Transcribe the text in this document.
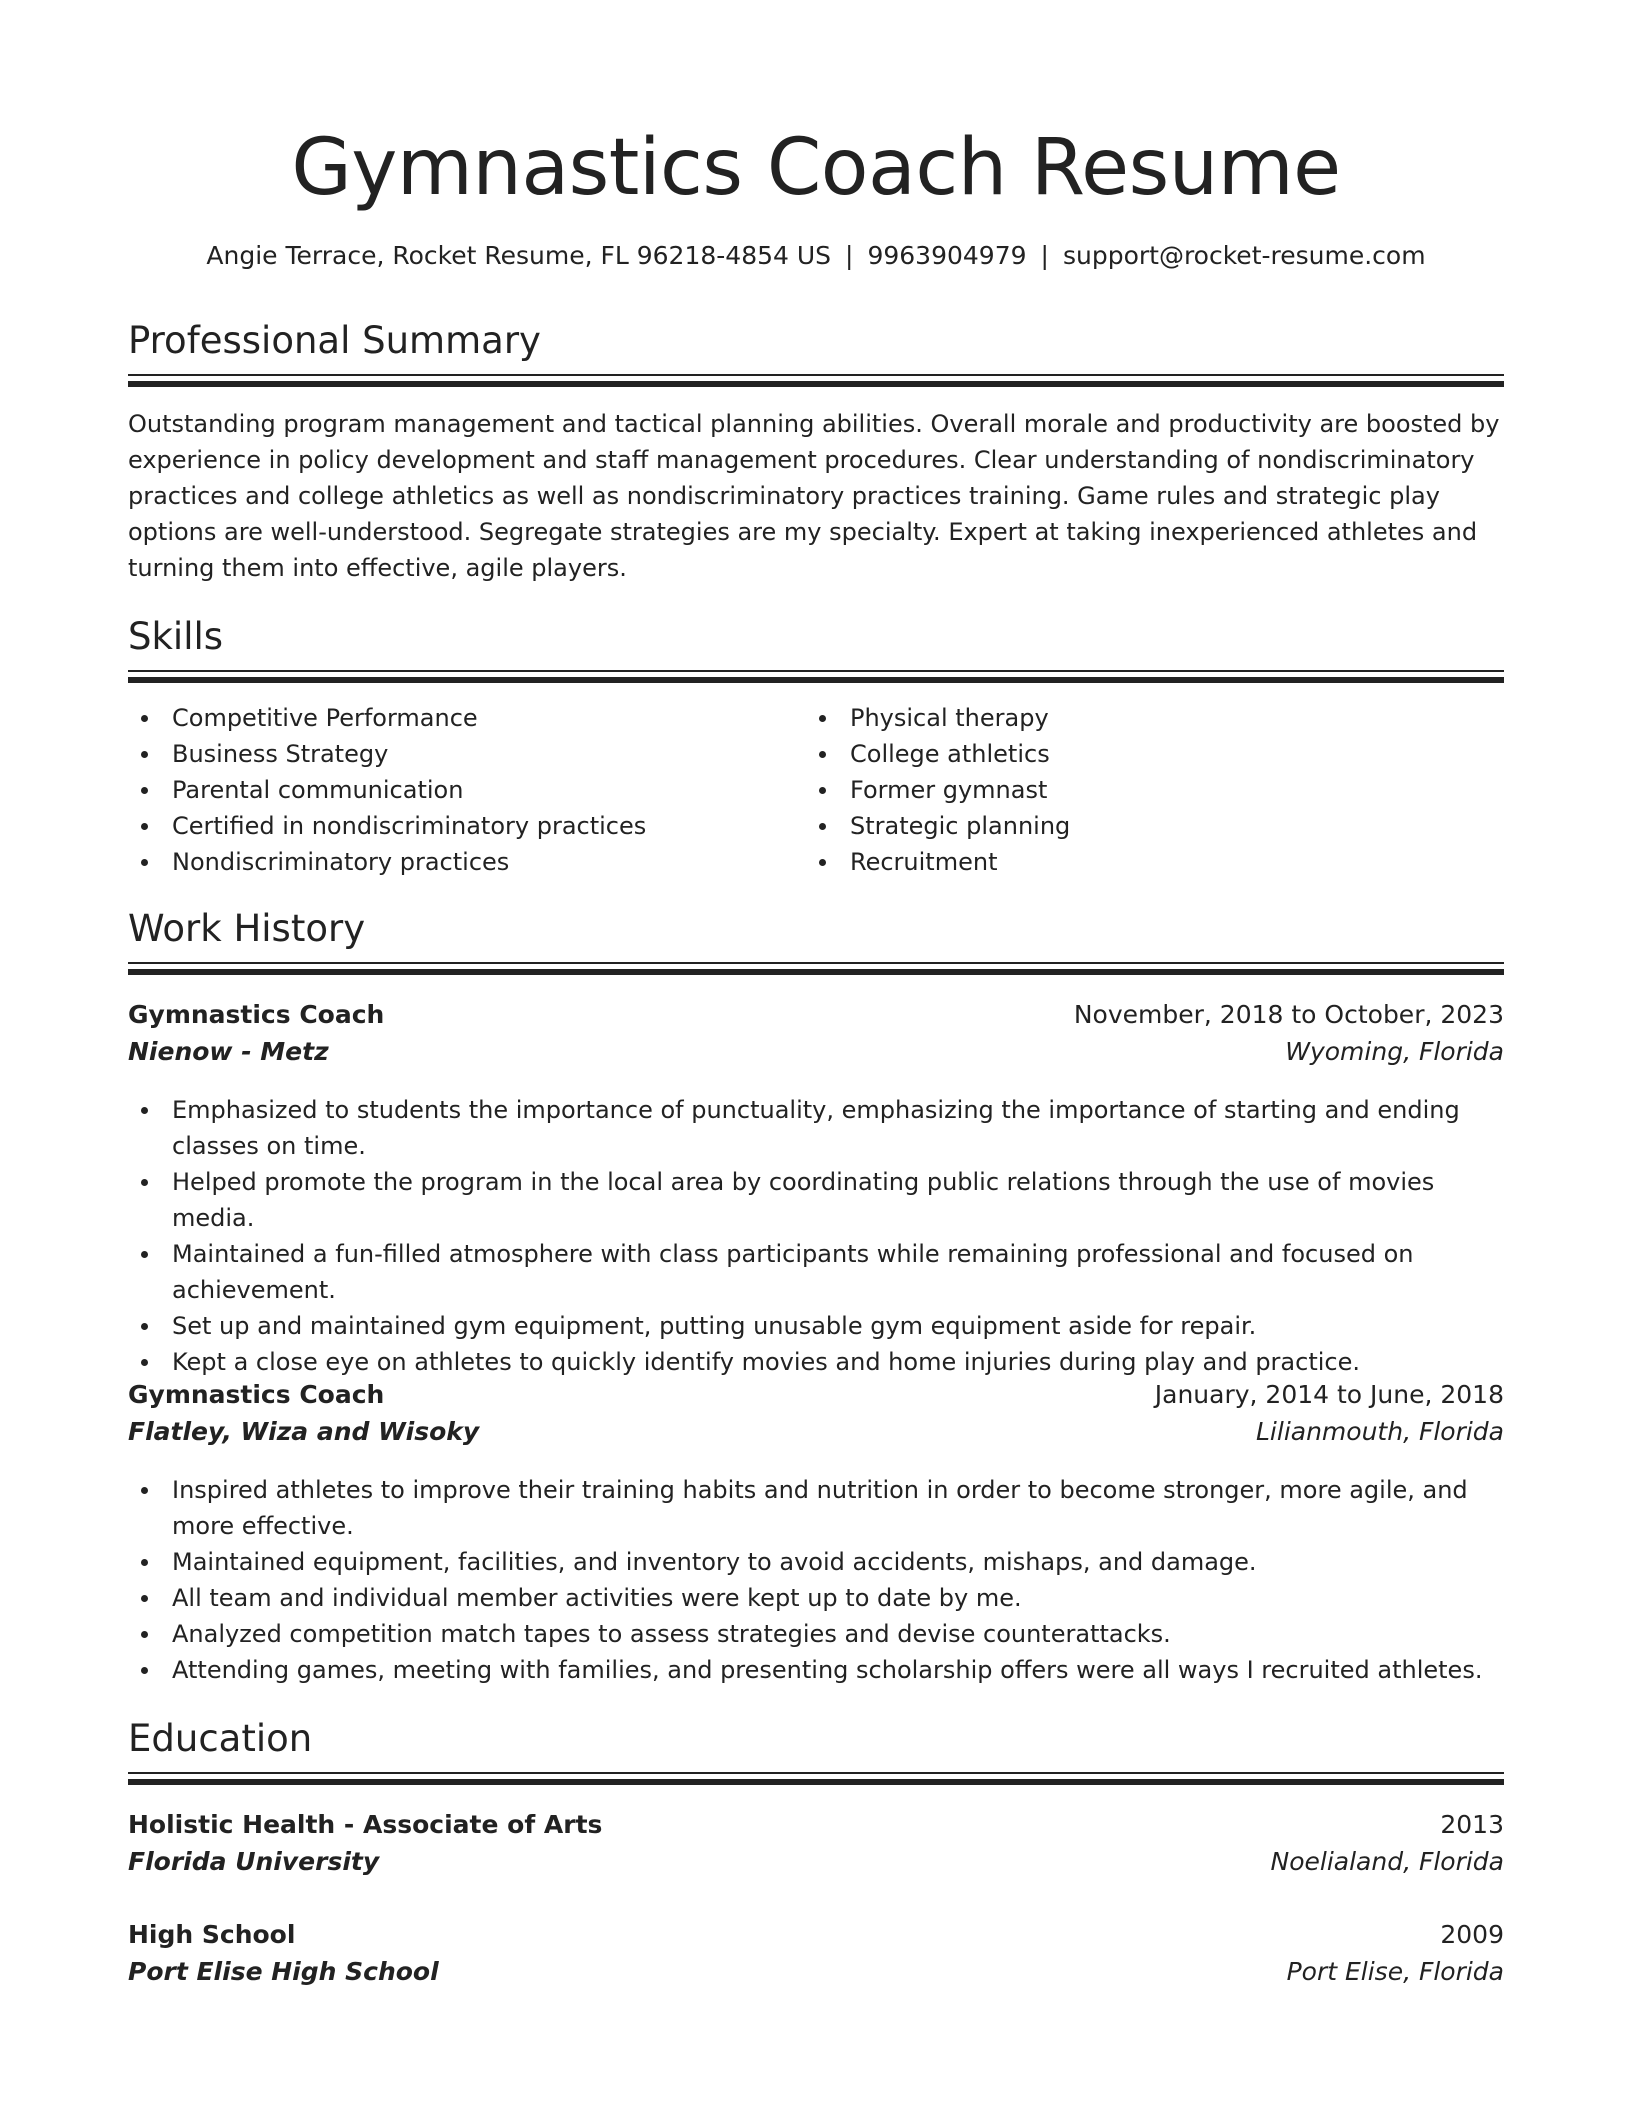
Gymnastics Coach Resume
Angie Terrace, Rocket Resume, FL 96218-4854 US | 9963904979 | support@rocket-resume.com
Professional Summary

Outstanding program management and tactical planning abilities. Overall morale and productivity are boosted by experience in policy development and staff management procedures. Clear understanding of nondiscriminatory practices and college athletics as well as nondiscriminatory practices training. Game rules and strategic play options are well-understood. Segregate strategies are my specialty. Expert at taking inexperienced athletes and turning them into effective, agile players.

Skills
Competitive Performance
Business Strategy
Parental communication
Certified in nondiscriminatory practices
Nondiscriminatory practices
Physical therapy
College athletics
Former gymnast
Strategic planning
Recruitment
Work History
Gymnastics Coach	November, 2018 to October, 2023
Nienow - Metz	Wyoming, Florida
Emphasized to students the importance of punctuality, emphasizing the importance of starting and ending classes on time.
Helped promote the program in the local area by coordinating public relations through the use of movies media.
Maintained a fun-filled atmosphere with class participants while remaining professional and focused on achievement.
Set up and maintained gym equipment, putting unusable gym equipment aside for repair.
Kept a close eye on athletes to quickly identify movies and home injuries during play and practice.
Gymnastics Coach	January, 2014 to June, 2018
Flatley, Wiza and Wisoky	Lilianmouth, Florida
Inspired athletes to improve their training habits and nutrition in order to become stronger, more agile, and more effective.
Maintained equipment, facilities, and inventory to avoid accidents, mishaps, and damage.
All team and individual member activities were kept up to date by me.
Analyzed competition match tapes to assess strategies and devise counterattacks.
Attending games, meeting with families, and presenting scholarship offers were all ways I recruited athletes.
Education
Holistic Health - Associate of Arts	2013
Florida University	Noelialand, Florida
High School	2009
Port Elise High School	Port Elise, Florida
